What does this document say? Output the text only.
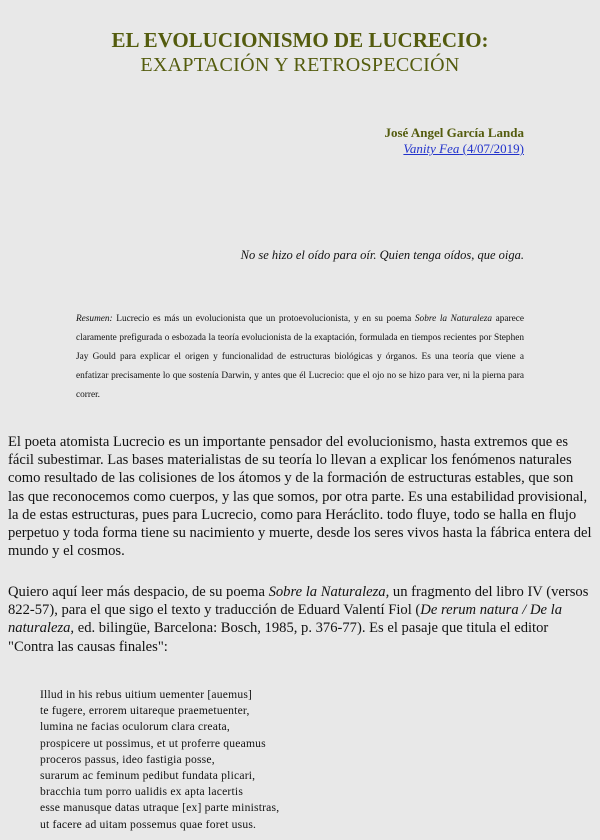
EL EVOLUCIONISMO DE LUCRECIO:
EXAPTACIÓN Y RETROSPECCIÓN
José Angel García Landa
Vanity Fea (4/07/2019)
No se hizo el oído para oír. Quien tenga oídos, que oiga.
Resumen: Lucrecio es más un evolucionista que un protoevolucionista, y en su poema Sobre la Naturaleza aparece claramente prefigurada o esbozada la teoría evolucionista de la exaptación, formulada en tiempos recientes por Stephen Jay Gould para explicar el origen y funcionalidad de estructuras biológicas y órganos. Es una teoría que viene a enfatizar precisamente lo que sostenía Darwin, y antes que él Lucrecio: que el ojo no se hizo para ver, ni la pierna para correr.
El poeta atomista Lucrecio es un importante pensador del evolucionismo, hasta extremos que es fácil subestimar. Las bases materialistas de su teoría lo llevan a explicar los fenómenos naturales como resultado de las colisiones de los átomos y de la formación de estructuras estables, que son las que reconocemos como cuerpos, y las que somos, por otra parte. Es una estabilidad provisional, la de estas estructuras, pues para Lucrecio, como para Heráclito. todo fluye, todo se halla en flujo perpetuo y toda forma tiene su nacimiento y muerte, desde los seres vivos hasta la fábrica entera del mundo y el cosmos.
Quiero aquí leer más despacio, de su poema Sobre la Naturaleza, un fragmento del libro IV (versos 822-57), para el que sigo el texto y traducción de Eduard Valentí Fiol (De rerum natura / De la naturaleza, ed. bilingüe, Barcelona: Bosch, 1985, p. 376-77). Es el pasaje que titula el editor "Contra las causas finales":
Illud in his rebus uitium uementer [auemus]
te fugere, errorem uitareque praemetuenter,
lumina ne facias oculorum clara creata,
prospicere ut possimus, et ut proferre queamus
proceros passus, ideo fastigia posse,
surarum ac feminum pedibut fundata plicari,
bracchia tum porro ualidis ex apta lacertis
esse manusque datas utraque [ex] parte ministras,
ut facere ad uitam possemus quae foret usus.
